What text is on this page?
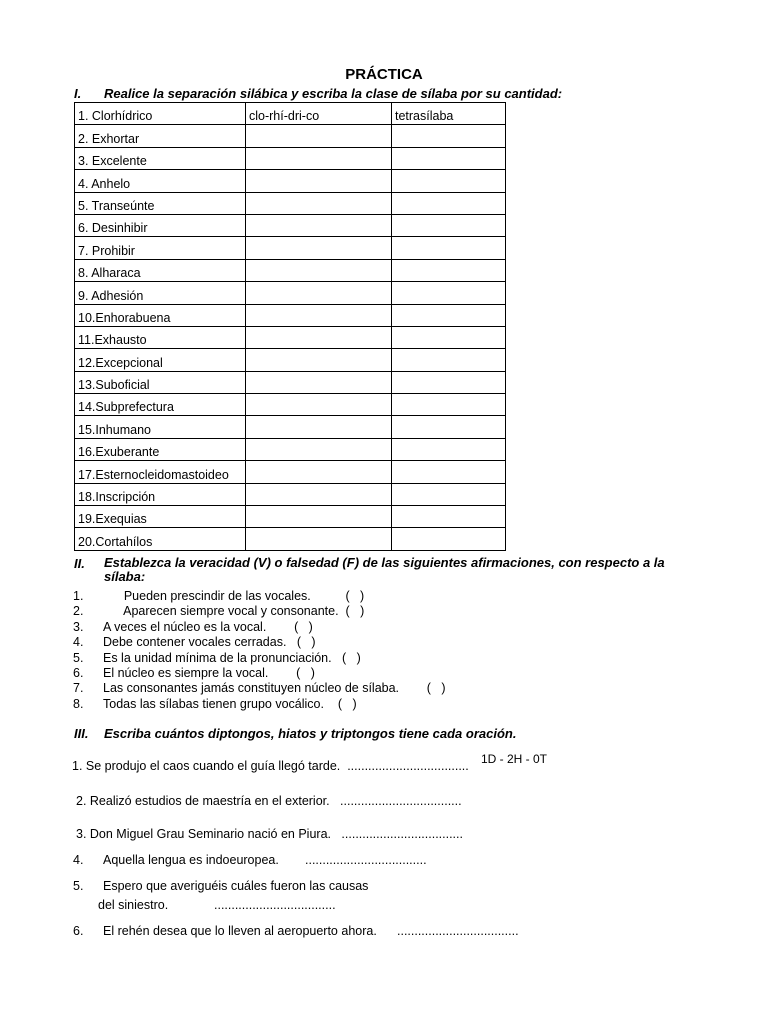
PRÁCTICA
I. Realice la separación silábica y escriba la clase de sílaba por su cantidad:
1. Clorhídrico	clo-rhí-dri-co	tetrasílaba
2. Exhortar		
3. Excelente		
4. Anhelo		
5. Transeúnte		
6. Desinhibir		
7. Prohibir		
8. Alharaca		
9. Adhesión		
10.Enhorabuena		
11.Exhausto		
12.Excepcional		
13.Suboficial		
14.Subprefectura		
15.Inhumano		
16.Exuberante		
17.Esternocleidomastoideo		
18.Inscripción		
19.Exequias		
20.Cortahílos		
II. Establezca la veracidad (V) o falsedad (F) de las siguientes afirmaciones, con respecto a la sílaba:
1. Pueden prescindir de las vocales.          (   )
2. Aparecen siempre vocal y consonante.  (   )
3. A veces el núcleo es la vocal.        (   )
4. Debe contener vocales cerradas.   (   )
5. Es la unidad mínima de la pronunciación.   (   )
6. El núcleo es siempre la vocal.        (   )
7. Las consonantes jamás constituyen núcleo de sílaba.        (   )
8. Todas las sílabas tienen grupo vocálico.    (   )
III. Escriba cuántos diptongos, hiatos y triptongos tiene cada oración.
1D - 2H - 0T
1. Se produjo el caos cuando el guía llegó tarde. ...................................
2. Realizó estudios de maestría en el exterior. ...................................
3. Don Miguel Grau Seminario nació en Piura. ...................................
4. Aquella lengua es indoeuropea. ...................................
5. Espero que averiguéis cuáles fueron las causas
del siniestro.	...................................
6. El rehén desea que lo lleven al aeropuerto ahora. ...................................
